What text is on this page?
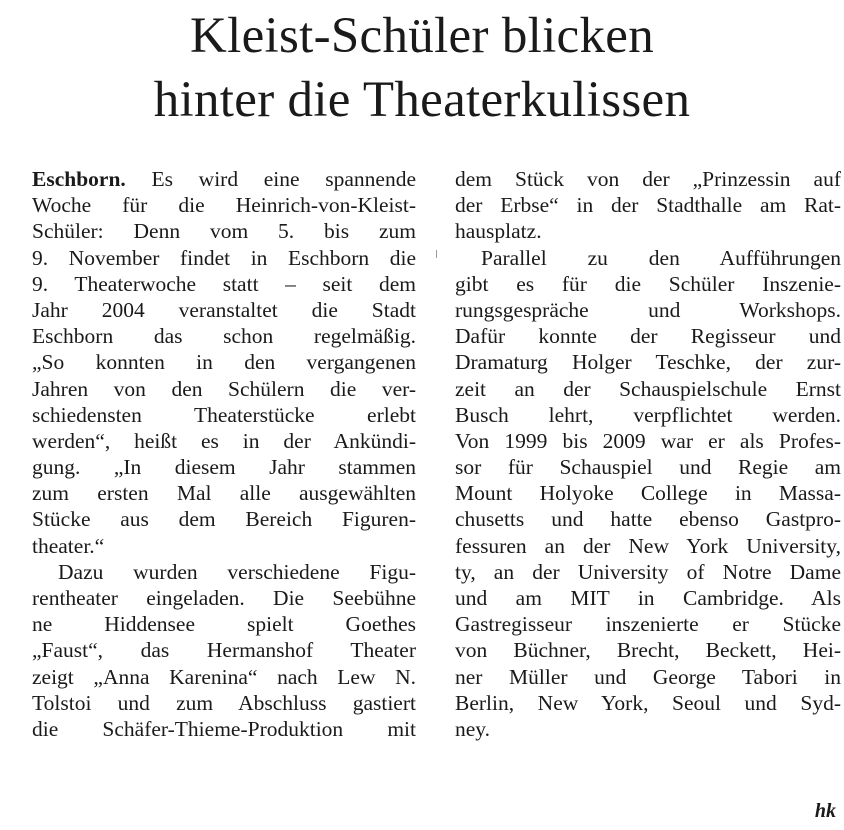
Kleist-Schüler blicken
hinter die Theaterkulissen
Eschborn. Es wird eine spannende
Woche für die Heinrich-von-Kleist-
Schüler: Denn vom 5. bis zum
9. November findet in Eschborn die
9. Theaterwoche statt – seit dem
Jahr 2004 veranstaltet die Stadt
Eschborn das schon regelmäßig.
„So konnten in den vergangenen
Jahren von den Schülern die ver-
schiedensten Theaterstücke erlebt
werden“, heißt es in der Ankündi-
gung. „In diesem Jahr stammen
zum ersten Mal alle ausgewählten
Stücke aus dem Bereich Figuren-
theater.“
Dazu wurden verschiedene Figu-
rentheater eingeladen. Die Seebühne
ne Hiddensee spielt Goethes
„Faust“, das Hermanshof Theater
zeigt „Anna Karenina“ nach Lew N.
Tolstoi und zum Abschluss gastiert
die Schäfer-Thieme-Produktion mit
dem Stück von der „Prinzessin auf
der Erbse“ in der Stadthalle am Rat-
hausplatz.
Parallel zu den Aufführungen
gibt es für die Schüler Inszenie-
rungsgespräche und Workshops.
Dafür konnte der Regisseur und
Dramaturg Holger Teschke, der zur-
zeit an der Schauspielschule Ernst
Busch lehrt, verpflichtet werden.
Von 1999 bis 2009 war er als Profes-
sor für Schauspiel und Regie am
Mount Holyoke College in Massa-
chusetts und hatte ebenso Gastpro-
fessuren an der New York University,
ty, an der University of Notre Dame
und am MIT in Cambridge. Als
Gastregisseur inszenierte er Stücke
von Büchner, Brecht, Beckett, Hei-
ner Müller und George Tabori in
Berlin, New York, Seoul und Syd-
ney.
hk
